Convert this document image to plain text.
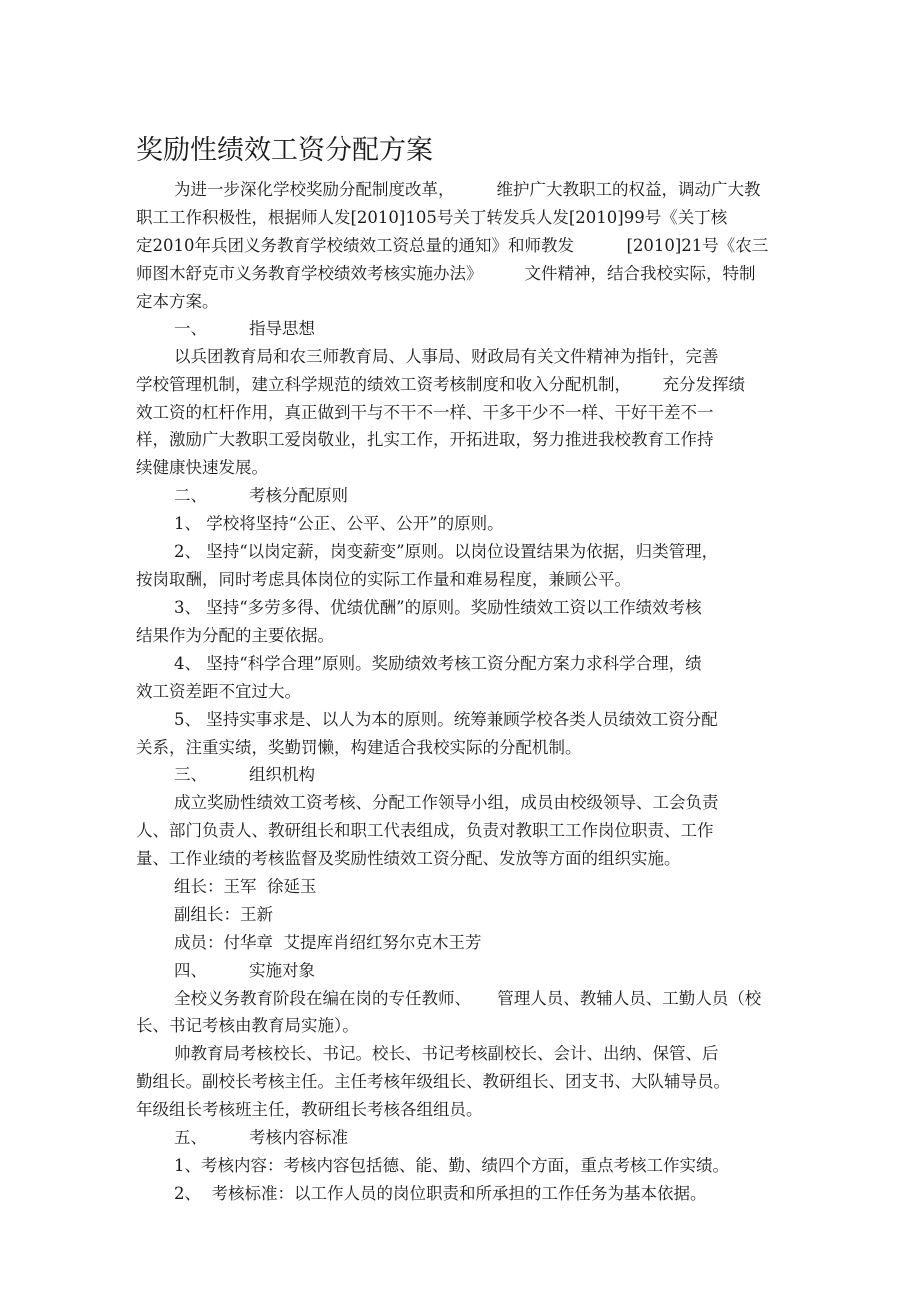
奖励性绩效工资分配方案
为进一步深化学校奖励分配制度改革，        维护广大教职工的权益，调动广大教
职工工作积极性，根据师人发[2010]105号关丁转发兵人发[2010]99号《关丁核
定2010年兵团义务教育学校绩效工资总量的通知》和师教发          [2010]21号《农三
师图木舒克市义务教育学校绩效考核实施办法》        文件精神，结合我校实际，特制
定本方案。
一、        指导思想
以兵团教育局和农三师教育局、人事局、财政局有关文件精神为指针，完善
学校管理机制，建立科学规范的绩效工资考核制度和收入分配机制，      充分发挥绩
效工资的杠杆作用，真正做到干与不干不一样、干多干少不一样、干好干差不一
样，激励广大教职工爱岗敬业，扎实工作，开拓进取，努力推进我校教育工作持
续健康快速发展。
二、        考核分配原则
1、 学校将坚持“公正、公平、公开”的原则。
2、 坚持“以岗定薪，岗变薪变”原则。以岗位设置结果为依据，归类管理，
按岗取酬，同时考虑具体岗位的实际工作量和难易程度，兼顾公平。
3、 坚持“多劳多得、优绩优酬”的原则。奖励性绩效工资以工作绩效考核
结果作为分配的主要依据。
4、 坚持“科学合理”原则。奖励绩效考核工资分配方案力求科学合理，绩
效工资差距不宜过大。
5、 坚持实事求是、以人为本的原则。统筹兼顾学校各类人员绩效工资分配
关系，注重实绩，奖勤罚懒，构建适合我校实际的分配机制。
三、        组织机构
成立奖励性绩效工资考核、分配工作领导小组，成员由校级领导、工会负责
人、部门负责人、教研组长和职工代表组成，负责对教职工工作岗位职责、工作
量、工作业绩的考核监督及奖励性绩效工资分配、发放等方面的组织实施。
组长：王军  徐延玉
副组长：王新
成员：付华章  艾提库肖绍红努尔克木王芳
四、        实施对象
全校义务教育阶段在编在岗的专任教师、     管理人员、教辅人员、工勤人员（校
长、书记考核由教育局实施）。
帅教育局考核校长、书记。校长、书记考核副校长、会计、出纳、保管、后
勤组长。副校长考核主任。主任考核年级组长、教研组长、团支书、大队辅导员。
年级组长考核班主任，教研组长考核各组组员。
五、        考核内容标准
1、考核内容：考核内容包括德、能、勤、绩四个方面，重点考核工作实绩。
2、  考核标准：以工作人员的岗位职责和所承担的工作任务为基本依据。
